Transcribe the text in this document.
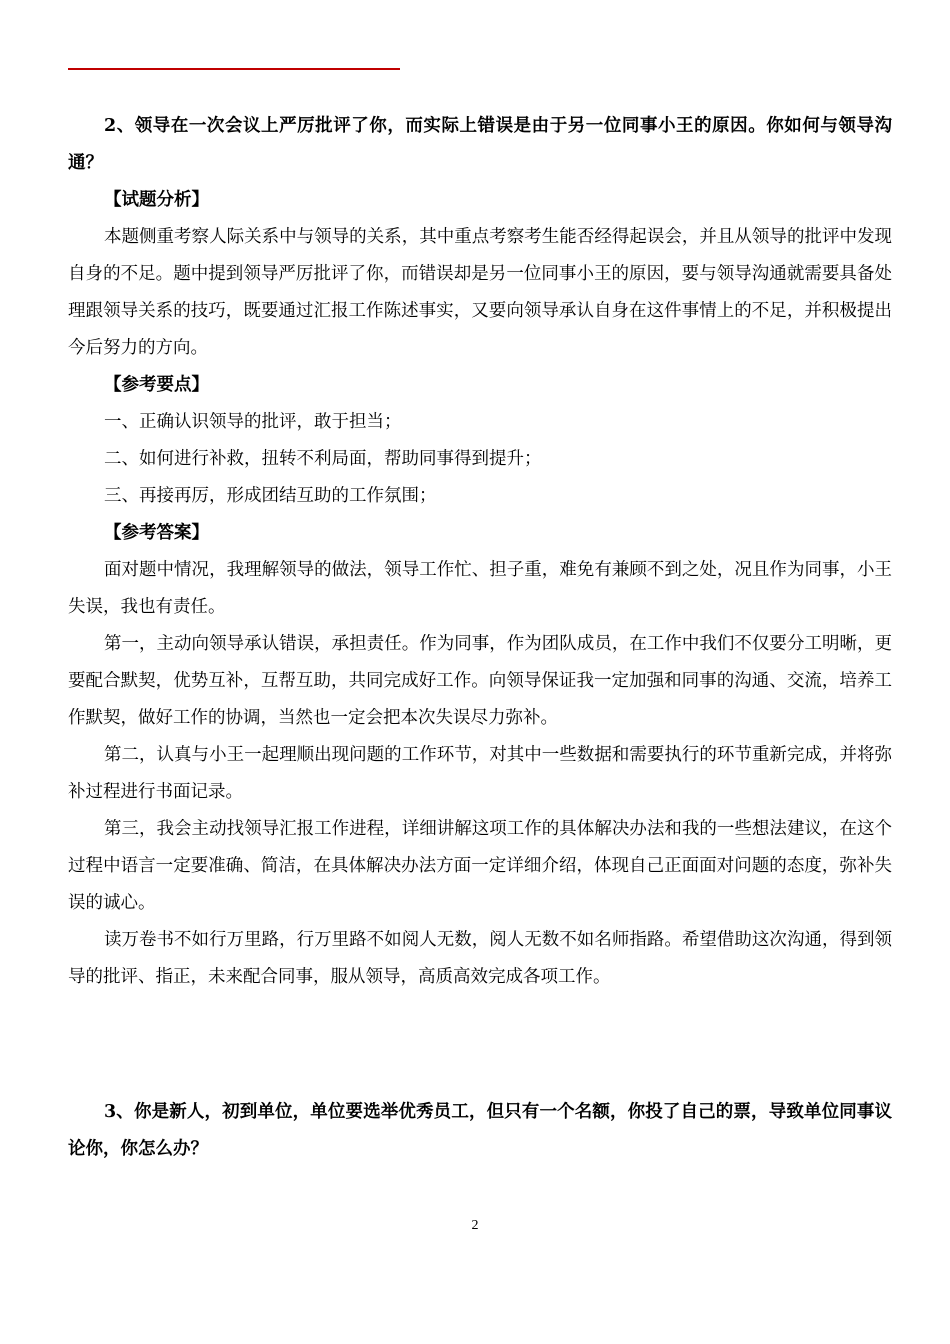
2、领导在一次会议上严厉批评了你，而实际上错误是由于另一位同事小王的原因。你如何与领导沟通？

【试题分析】

本题侧重考察人际关系中与领导的关系，其中重点考察考生能否经得起误会，并且从领导的批评中发现自身的不足。题中提到领导严厉批评了你，而错误却是另一位同事小王的原因，要与领导沟通就需要具备处理跟领导关系的技巧，既要通过汇报工作陈述事实，又要向领导承认自身在这件事情上的不足，并积极提出今后努力的方向。

【参考要点】

一、正确认识领导的批评，敢于担当；

二、如何进行补救，扭转不利局面，帮助同事得到提升；

三、再接再厉，形成团结互助的工作氛围；

【参考答案】

面对题中情况，我理解领导的做法，领导工作忙、担子重，难免有兼顾不到之处，况且作为同事，小王失误，我也有责任。

第一，主动向领导承认错误，承担责任。作为同事，作为团队成员，在工作中我们不仅要分工明晰，更要配合默契，优势互补，互帮互助，共同完成好工作。向领导保证我一定加强和同事的沟通、交流，培养工作默契，做好工作的协调，当然也一定会把本次失误尽力弥补。

第二，认真与小王一起理顺出现问题的工作环节，对其中一些数据和需要执行的环节重新完成，并将弥补过程进行书面记录。

第三，我会主动找领导汇报工作进程，详细讲解这项工作的具体解决办法和我的一些想法建议，在这个过程中语言一定要准确、简洁，在具体解决办法方面一定详细介绍，体现自己正面面对问题的态度，弥补失误的诚心。

读万卷书不如行万里路，行万里路不如阅人无数，阅人无数不如名师指路。希望借助这次沟通，得到领导的批评、指正，未来配合同事，服从领导，高质高效完成各项工作。

3、你是新人，初到单位，单位要选举优秀员工，但只有一个名额，你投了自己的票，导致单位同事议论你，你怎么办？

2
